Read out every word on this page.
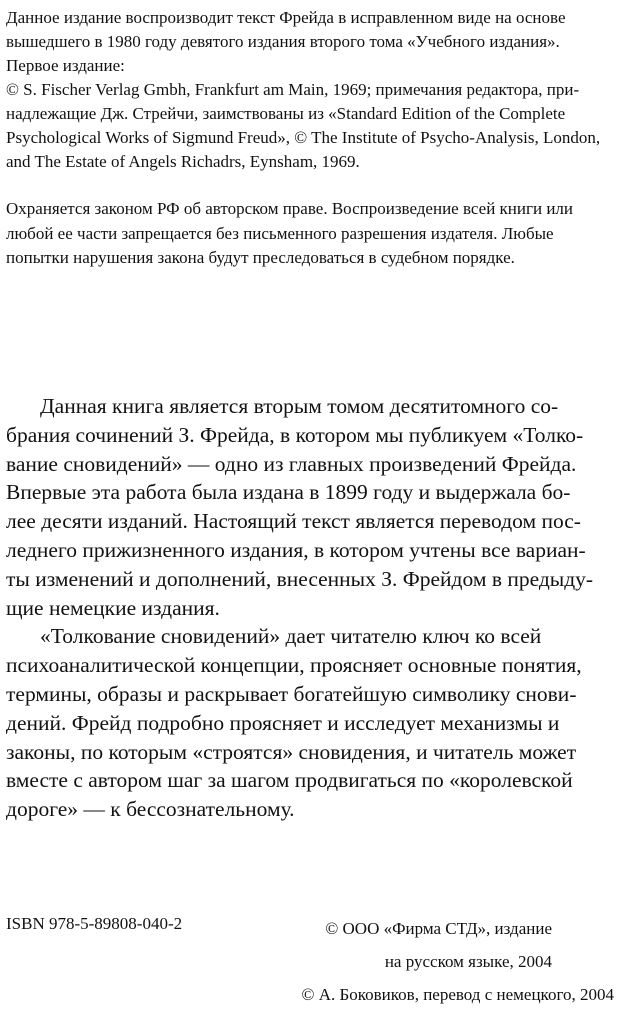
Данное издание воспроизводит текст Фрейда в исправленном виде на основе
вышедшего в 1980 году девятого издания второго тома «Учебного издания».
Первое издание:
© S. Fischer Verlag Gmbh, Frankfurt am Main, 1969; примечания редактора, при-
надлежащие Дж. Стрейчи, заимствованы из «Standard Edition of the Complete
Psychological Works of Sigmund Freud», © The Institute of Psycho-Analysis, London,
and The Estate of Angels Richadrs, Eynsham, 1969.
Охраняется законом РФ об авторском праве. Воспроизведение всей книги или
любой ее части запрещается без письменного разрешения издателя. Любые
попытки нарушения закона будут преследоваться в судебном порядке.
Данная книга является вторым томом десятитомного со-
брания сочинений З. Фрейда, в котором мы публикуем «Толко-
вание сновидений» — одно из главных произведений Фрейда.
Впервые эта работа была издана в 1899 году и выдержала бо-
лее десяти изданий. Настоящий текст является переводом пос-
леднего прижизненного издания, в котором учтены все вариан-
ты изменений и дополнений, внесенных З. Фрейдом в предыду-
щие немецкие издания.
«Толкование сновидений» дает читателю ключ ко всей
психоаналитической концепции, проясняет основные понятия,
термины, образы и раскрывает богатейшую символику снови-
дений. Фрейд подробно проясняет и исследует механизмы и
законы, по которым «строятся» сновидения, и читатель может
вместе с автором шаг за шагом продвигаться по «королевской
дороге» — к бессознательному.
ISBN 978-5-89808-040-2	© ООО «Фирма СТД», издание
на русском языке, 2004
© А. Боковиков, перевод с немецкого, 2004
